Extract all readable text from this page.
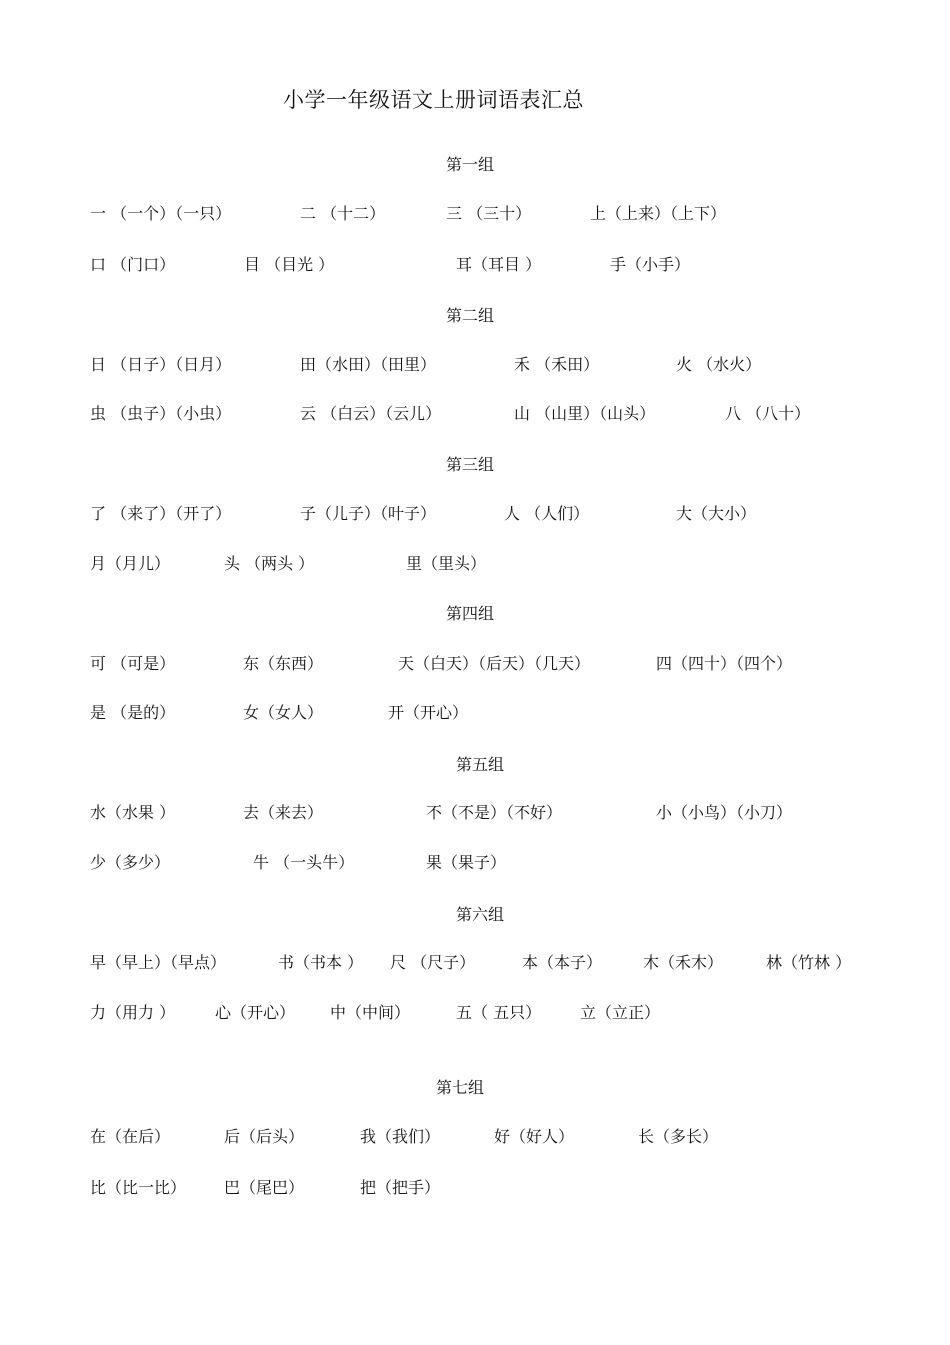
小学一年级语文上册词语表汇总
第一组
一 （一个）（一只）	二 （十二）	三 （三十）	上（上来）（上下）
口 （门口）	目 （目光 ）	耳（耳目 ）	手（小手）
第二组
日 （日子）（日月）	田（水田）（田里）	禾 （禾田）	火 （水火）
虫 （虫子）（小虫）	云 （白云）（云儿）	山 （山里）（山头）	八 （八十）
第三组
了 （来了）（开了）	子（儿子）（叶子）	人 （人们）	大（大小）
月（月儿）	头 （两头 ）	里（里头）
第四组
可 （可是）	东（东西）	天（白天）（后天）（几天）	四（四十）（四个）
是 （是的）	女（女人）	开（开心）
第五组
水（水果 ）	去（来去）	不（不是）（不好）	小（小鸟）（小刀）
少（多少）	牛 （一头牛）	果（果子）
第六组
早（早上）（早点）	书（书本 ） 尺 （尺子）	本（本子）	木（禾木）	林（竹林 ）
力（用力 ） 心（开心） 中（中间）	五（ 五只） 立（立正）
第七组
在（在后）	后（后头）	我（我们）	好（好人）	长（多长）
比（比一比） 巴（尾巴）	把（把手）
